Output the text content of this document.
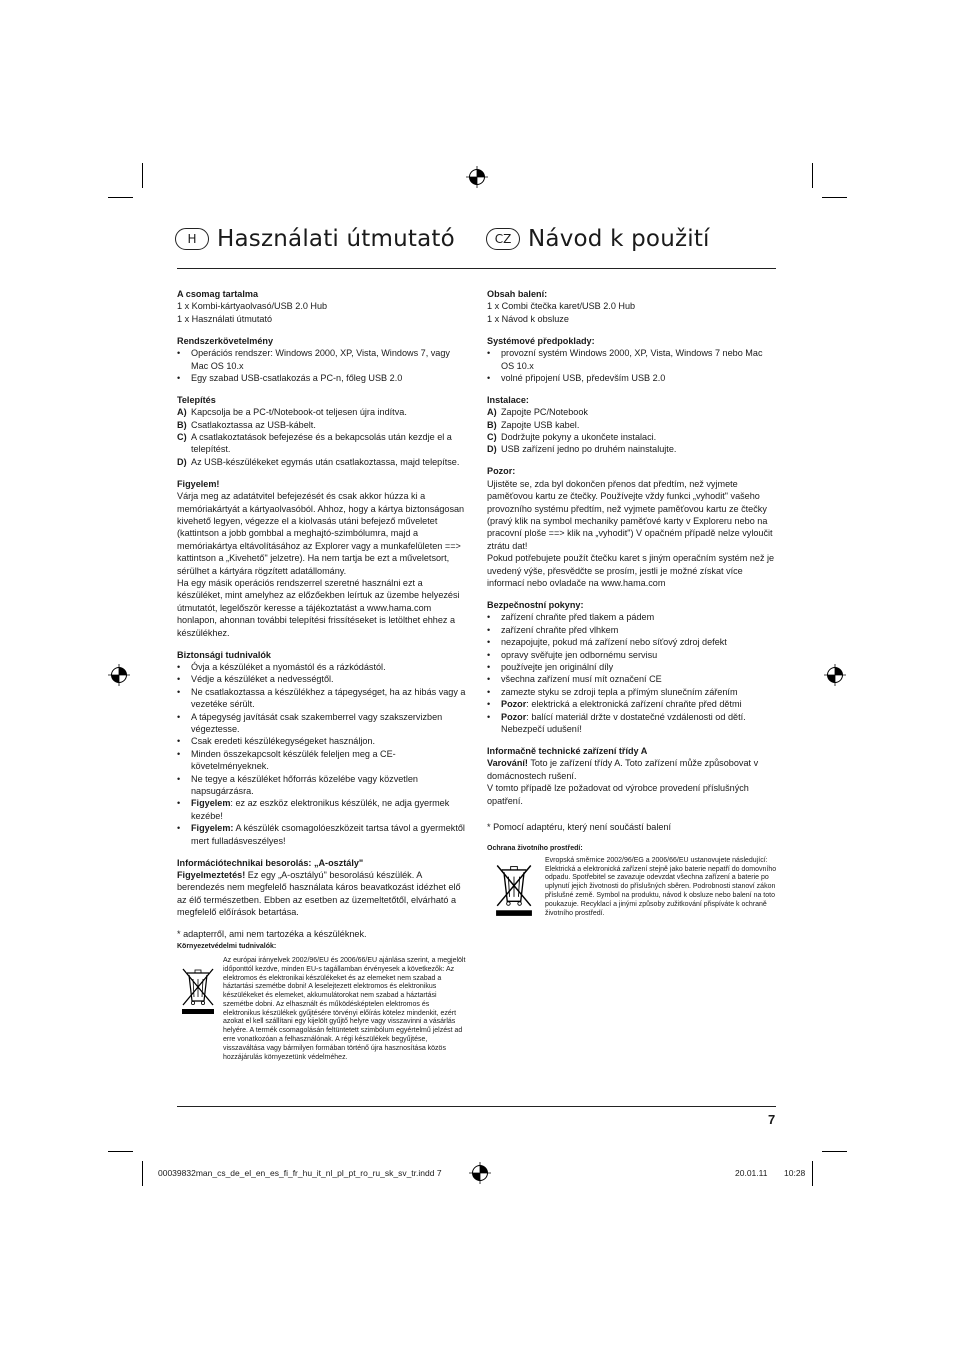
H Használati útmutató	CZ Návod k použití

A csomag tartalma

1 x Kombi-kártyaolvasó/USB 2.0 Hub

1 x Használati útmutató

Rendszerkövetelmény

•	Operációs rendszer: Windows 2000, XP, Vista, Windows 7, vagy Mac OS 10.x
•	Egy szabad USB-csatlakozás a PC-n, főleg USB 2.0

Telepítés

A) Kapcsolja be a PC-t/Notebook-ot teljesen újra indítva.
B) Csatlakoztassa az USB-kábelt.
C) A csatlakoztatások befejezése és a bekapcsolás után kezdje el a telepítést.
D) Az USB-készülékeket egymás után csatlakoztassa, majd telepítse.

Figyelem!

Várja meg az adatátvitel befejezését és csak akkor húzza ki a memóriakártyát a kártyaolvasóból. Ahhoz, hogy a kártya biztonságosan kivehető legyen, végezze el a kiolvasás utáni befejező műveletet (kattintson a jobb gombbal a meghajtó-szimbólumra, majd a memóriakártya eltávolításához az Explorer vagy a munkafelületen ==> kattintson a „Kivehető" jelzetre). Ha nem tartja be ezt a műveletsort, sérülhet a kártyára rögzített adatállomány.

Ha egy másik operációs rendszerrel szeretné használni ezt a készüléket, mint amelyhez az előzőekben leírtuk az üzembe helyezési útmutatót, legelőször keresse a tájékoztatást a www.hama.com honlapon, ahonnan további telepítési frissítéseket is letölthet ehhez a készülékhez.

Biztonsági tudnivalók

•	Óvja a készüléket a nyomástól és a rázkódástól.
•	Védje a készüléket a nedvességtől.
•	Ne csatlakoztassa a készülékhez a tápegységet, ha az hibás vagy a vezetéke sérült.
•	A tápegység javítását csak szakemberrel vagy szakszervizben végeztesse.
•	Csak eredeti készülékegységeket használjon.
•	Minden összekapcsolt készülék feleljen meg a CE-követelményeknek.
•	Ne tegye a készüléket hőforrás közelébe vagy közvetlen napsugárzásra.
•	Figyelem: ez az eszköz elektronikus készülék, ne adja gyermek kezébe!
•	Figyelem: A készülék csomagolóeszközeit tartsa távol a gyermektől mert fulladásveszélyes!

Információtechnikai besorolás: „A-osztály"

Figyelmeztetés! Ez egy „A-osztályú" besorolású készülék. A berendezés nem megfelelő használata káros beavatkozást idézhet elő az élő természetben. Ebben az esetben az üzemeltetőtől, elvárható a megfelelő előírások betartása.

* adapterről, ami nem tartozéka a készüléknek.

Környezetvédelmi tudnivalók:

Az európai irányelvek 2002/96/EU és 2006/66/EU ajánlása szerint, a megjelölt időponttól kezdve, minden EU-s tagállamban érvényesek a következők: Az elektromos és elektronikai készülékeket és az elemeket nem szabad a háztartási szemétbe dobni! A leselejtezett elektromos és elektronikus készülékeket és elemeket, akkumulátorokat nem szabad a háztartási szemétbe dobni. Az elhasznált és működésképtelen elektromos és elektronikus készülékek gyűjtésére törvényi előírás kötelez mindenkit, ezért azokat el kell szállítani egy kijelölt gyűjtő helyre vagy visszavinni a vásárlás helyére. A termék csomagolásán feltüntetett szimbólum egyértelmű jelzést ad erre vonatkozóan a felhasználónak. A régi készülékek begyűjtése, visszaváltása vagy bármilyen formában történő újra hasznosítása közös hozzájárulás környezetünk védelméhez.

Obsah balení:

1 x Combi čtečka karet/USB 2.0 Hub

1 x Návod k obsluze

Systémové předpoklady:

•	provozní systém Windows 2000, XP, Vista, Windows 7 nebo Mac OS 10.x
•	volné připojení USB, především USB 2.0

Instalace:

A) Zapojte PC/Notebook
B) Zapojte USB kabel.
C) Dodržujte pokyny a ukončete instalaci.
D) USB zařízení jedno po druhém nainstalujte.

Pozor:

Ujistěte se, zda byl dokončen přenos dat předtím, než vyjmete paměťovou kartu ze čtečky. Používejte vždy funkci „vyhodit" vašeho provozního systému předtím, než vyjmete paměťovou kartu ze čtečky (pravý klik na symbol mechaniky paměťové karty v Exploreru nebo na pracovní ploše ==> klik na „vyhodit") V opačném případě nelze vyloučit ztrátu dat!

Pokud potřebujete použít čtečku karet s jiným operačním systém než je uvedený výše, přesvědčte se prosím, jestli je možné získat více informací nebo ovladače na www.hama.com

Bezpečnostní pokyny:

•	zařízení chraňte před tlakem a pádem
•	zařízení chraňte před vlhkem
•	nezapojujte, pokud má zařízení nebo síťový zdroj defekt
•	opravy svěřujte jen odbornému servisu
•	používejte jen originální díly
•	všechna zařízení musí mít označení CE
•	zamezte styku se zdroji tepla a přímým slunečním zářením
•	Pozor: elektrická a elektronická zařízení chraňte před dětmi
•	Pozor: balící materiál držte v dostatečné vzdálenosti od dětí. Nebezpečí udušení!

Informačně technické zařízení třídy A

Varování! Toto je zařízení třídy A. Toto zařízení může způsobovat v domácnostech rušení.

V tomto případě lze požadovat od výrobce provedení příslušných opatření.

* Pomocí adaptéru, který není součástí balení

Ochrana životního prostředí:

Evropská směrnice 2002/96/EG a 2006/66/EU ustanovujete následující: Elektrická a elektronická zařízení stejně jako baterie nepatří do domovního odpadu. Spotřebitel se zavazuje odevzdat všechna zařízení a baterie po uplynutí jejich životnosti do příslušných sběren. Podrobnosti stanoví zákon příslušné země. Symbol na produktu, návod k obsluze nebo balení na toto poukazuje. Recyklací a jinými způsoby zužitkování přispíváte k ochraně životního prostředí.
7
00039832man_cs_de_el_en_es_fi_fr_hu_it_nl_pl_pt_ro_ru_sk_sv_tr.indd 7	20.01.11 10:28
